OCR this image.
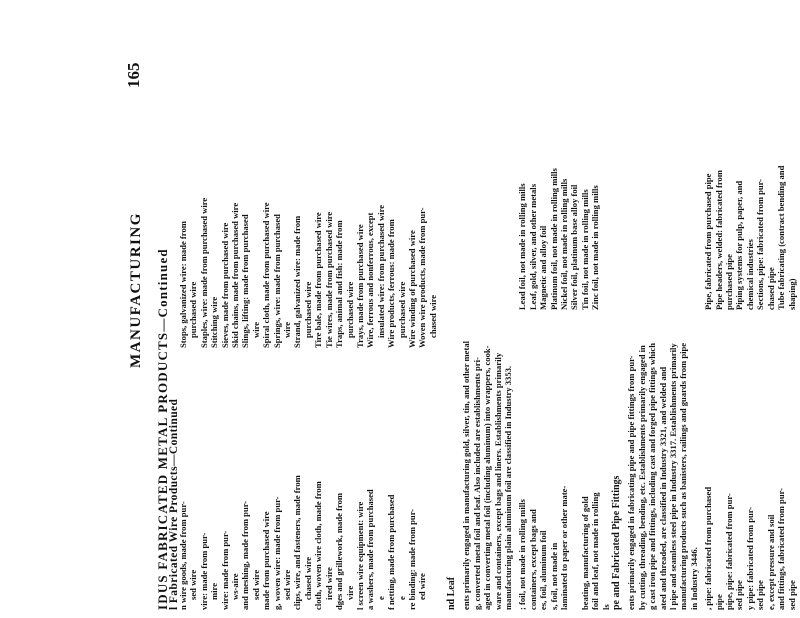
MANUFACTURING
165
IDUS FABRICATED METAL PRODUCTS—Continued
l Fabricated Wire Products—Continued
n wire goods, made from pur- sed wire vire: made from pur- mire wire: made from pur- ws-aire and meshing, made from pur- sed wire made from purchased wire g, woven wire: made from pur- sed wire clips, wire, and fasteners, made from chased wire cloth, woven wire cloth, made from ired wire dges and grillework, made from vire l screen wire equipment: wire a washers, made from purchased e f netting, made from purchased e re binding: made from pur- ed wire
Stops, galvanized wire: made from purchased wire Staples, wire: made from purchased wire Stitching wire Sieves, made from purchased wire Skid chains, made from purchased wire Slings, lifting: made from purchased wire Spiral cloth, made from purchased wire Springs, wire: made from purchased wire Strand, galvanized wire: made from purchased wire Tire bale, made from purchased wire Tie wires, made from purchased wire Traps, animal and fish: made from purchased wire Trays, made from purchased wire Wire, ferrous and nonferrous, except insulated wire: from purchased wire Wire products, ferrous: made from purchased wire Wire winding of purchased wire Woven wire products, made from pur- chased wire
nd Leaf ents primarily engaged in manufacturing gold, silver, tin, and other metal g, converted metal foil and leaf. Also included are establishments pri- aged in converting metal foil (including aluminum) into wrappers, cook- ware and containers, except bags and liners. Establishments primarily manufacturing plain aluminum foil are classified in Industry 3353. ; foil, not made in rolling mills
Lead foil, not made in rolling mills
containers, except bags and
Leaf, gold, silver, and other metals
es, foil, aluminum foil
Magnetic and alloy foil
s, foil, not made in
Platinum foil, not made in rolling mills
laminated to paper or other mate-
Nickel foil, not made in rolling mills Silver foil, platinum base alloy foil
beating, manufacturing of gold
Tin foil, not made in rolling mills
foil and leaf, not made in rolling
Zinc foil, not made in rolling mills
ls pe and Fabricated Pipe Fittings ents primarily engaged in fabricating pipe and pipe fittings from pur- by cutting, threading, bending, etc. Establishments primarily engaged in g cast iron pipe and fittings, including cast and forged pipe fittings which ated and threaded, are classified in Industry 3321, and welded and l pipe and seamless steel pipe in Industry 3317. Establishments primarily manufacturing products such as banisters, railings and guards from pipe in Industry 3446. , pipe: fabricated from purchased
Pipe, fabricated from purchased pipe
pipe
Pipe headers, welded: fabricated from
pipe, pipe: fabricated from pur-
purchased pipe
sed pipe
Piping systems for pulp, paper, and
y pipe: fabricated from pur-
chemical industries
sed pipe
Sections, pipe: fabricated from pur-
e, except pressure and soil
chased pipe
and fittings, fabricated from pur-
Tube fabricating (contract bending and
sed pipe
shaping)
